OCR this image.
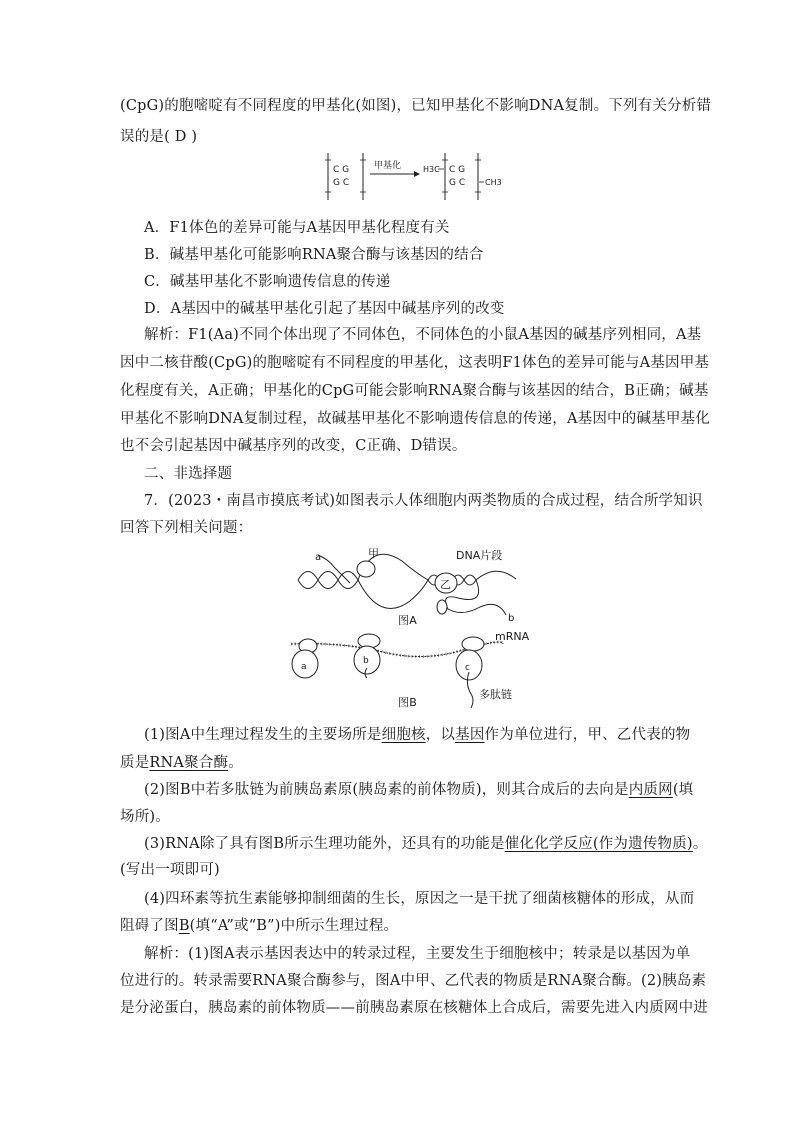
(CpG)的胞嘧啶有不同程度的甲基化(如图)，已知甲基化不影响DNA复制。下列有关分析错
误的是( D )
C G
G C
甲基化	H3C C G
G C CH3
A．F1体色的差异可能与A基因甲基化程度有关
B．碱基甲基化可能影响RNA聚合酶与该基因的结合
C．碱基甲基化不影响遗传信息的传递
D．A基因中的碱基甲基化引起了基因中碱基序列的改变
解析：F1(Aa)不同个体出现了不同体色，不同体色的小鼠A基因的碱基序列相同，A基
因中二核苷酸(CpG)的胞嘧啶有不同程度的甲基化，这表明F1体色的差异可能与A基因甲基
化程度有关，A正确；甲基化的CpG可能会影响RNA聚合酶与该基因的结合，B正确；碱基
甲基化不影响DNA复制过程，故碱基甲基化不影响遗传信息的传递，A基因中的碱基甲基化
也不会引起基因中碱基序列的改变，C正确、D错误。
二、非选择题
7．(2023・南昌市摸底考试)如图表示人体细胞内两类物质的合成过程，结合所学知识
回答下列相关问题：
a	甲	DNA片段
乙
b
图A
a
b
c
mRNA
多肽链
图B
(1)图A中生理过程发生的主要场所是细胞核，以基因作为单位进行，甲、乙代表的物
质是RNA聚合酶。
(2)图B中若多肽链为前胰岛素原(胰岛素的前体物质)，则其合成后的去向是内质网(填
场所)。
(3)RNA除了具有图B所示生理功能外，还具有的功能是催化化学反应(作为遗传物质)。
(写出一项即可)
(4)四环素等抗生素能够抑制细菌的生长，原因之一是干扰了细菌核糖体的形成，从而
阻碍了图B(填“A”或“B”)中所示生理过程。
解析：(1)图A表示基因表达中的转录过程，主要发生于细胞核中；转录是以基因为单
位进行的。转录需要RNA聚合酶参与，图A中甲、乙代表的物质是RNA聚合酶。(2)胰岛素
是分泌蛋白，胰岛素的前体物质——前胰岛素原在核糖体上合成后，需要先进入内质网中进
